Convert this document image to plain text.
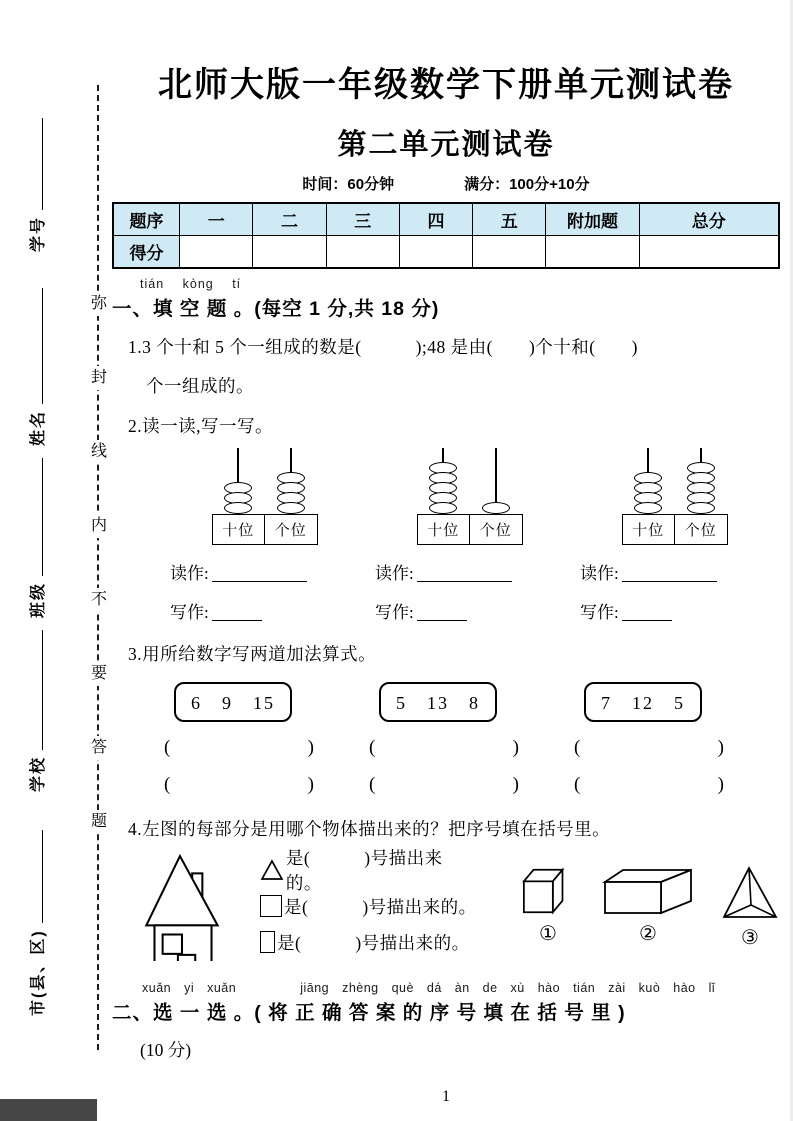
弥
封
线
内
不
要
答
题
学号
姓名
班级
学校
市(县、区)
北师大版一年级数学下册单元测试卷
第二单元测试卷
时间：60分钟	满分：100分+10分
题序	一	二	三	四	五	附加题	总分
得分							
tián kòng tí
一、填 空 题 。(每空 1 分,共 18 分)
1.3 个十和 5 个一组成的数是(　　　);48 是由(　　)个十和(　　)
个一组成的。
2.读一读,写一写。
十位	个位
读作:
写作:
十位	个位
读作:
写作:
十位	个位
读作:
写作:
3.用所给数字写两道加法算式。
6　9　15
(	)
(	)
5　13　8
(	)
(	)
7　12　5
(	)
(	)
4.左图的每部分是用哪个物体描出来的？把序号填在括号里。
是(　　　)号描出来的。
是(　　　)号描出来的。
是(　　　)号描出来的。	①	②	③
xuǎn yi xuǎn	jiāng zhèng què dá àn de xù hào tián zài kuò hào lǐ
二、选 一 选 。( 将 正 确 答 案 的 序 号 填 在 括 号 里 )
(10 分)
1
